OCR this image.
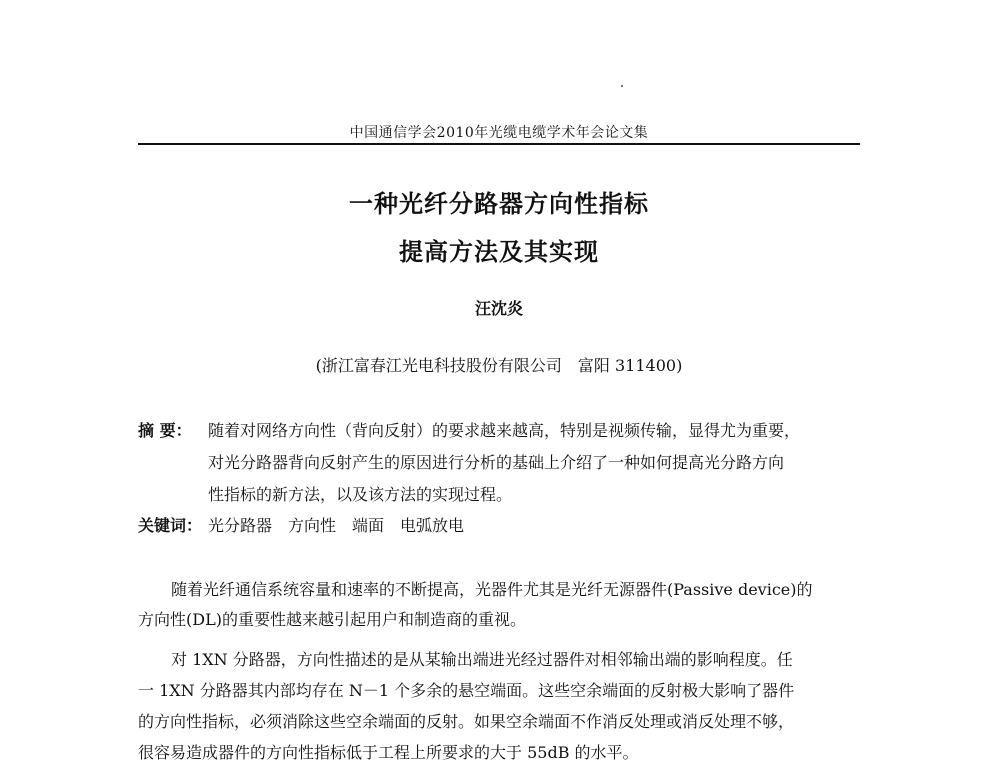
中国通信学会2010年光缆电缆学术年会论文集
一种光纤分路器方向性指标
提高方法及其实现
汪沈炎
(浙江富春江光电科技股份有限公司 富阳 311400)
摘 要： 随着对网络方向性（背向反射）的要求越来越高，特别是视频传输，显得尤为重要，
对光分路器背向反射产生的原因进行分析的基础上介绍了一种如何提高光分路方向
性指标的新方法，以及该方法的实现过程。
关键词： 光分路器 方向性 端面 电弧放电
随着光纤通信系统容量和速率的不断提高，光器件尤其是光纤无源器件(Passive device)的
方向性(DL)的重要性越来越引起用户和制造商的重视。
对 1XN 分路器，方向性描述的是从某输出端进光经过器件对相邻输出端的影响程度。任
一 1XN 分路器其内部均存在 N－1 个多余的悬空端面。这些空余端面的反射极大影响了器件
的方向性指标，必须消除这些空余端面的反射。如果空余端面不作消反处理或消反处理不够，
很容易造成器件的方向性指标低于工程上所要求的大于 55dB 的水平。
